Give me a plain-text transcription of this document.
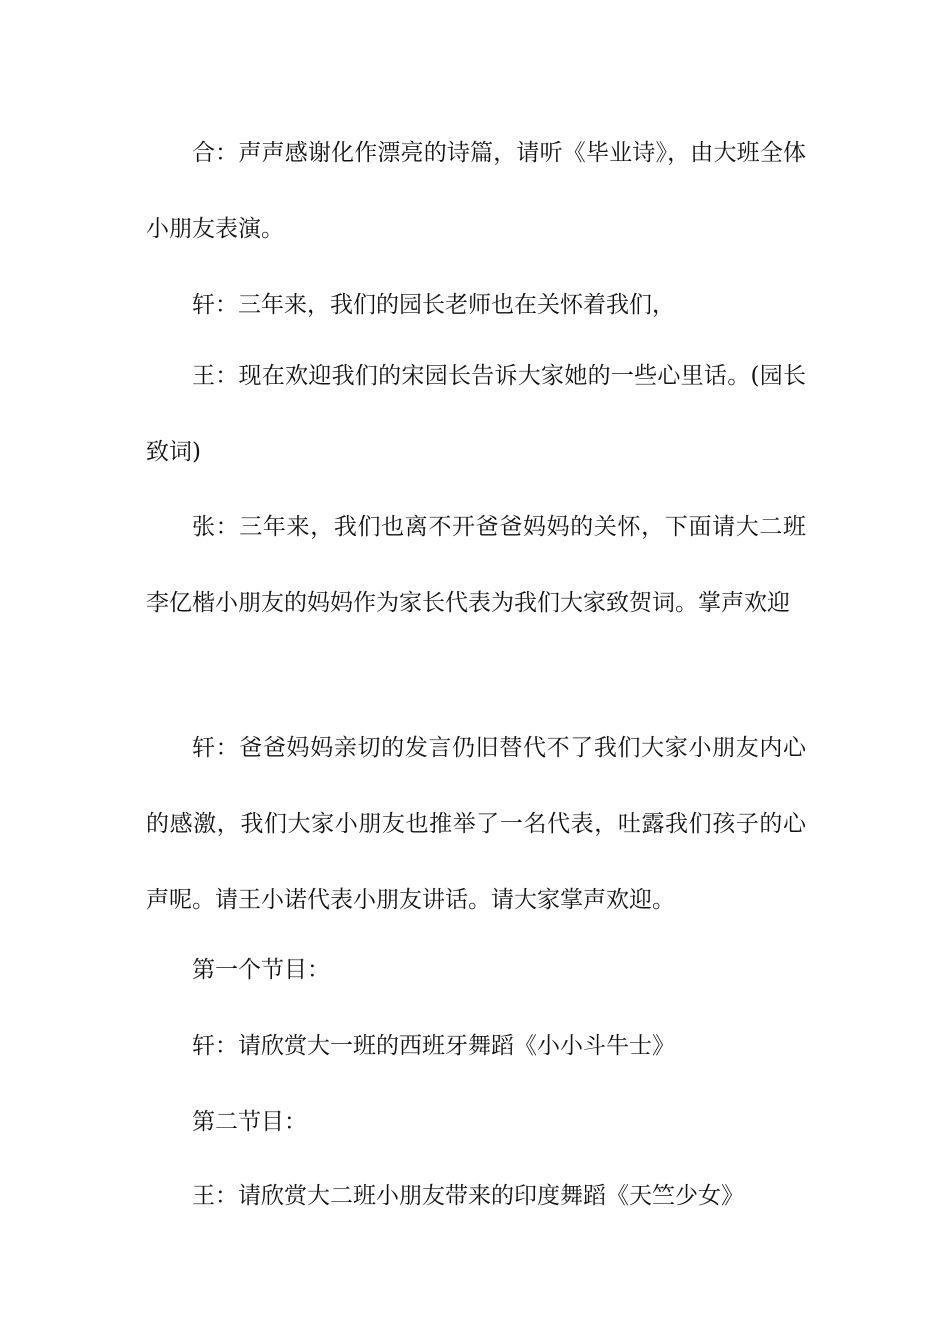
合：声声感谢化作漂亮的诗篇，请听《毕业诗》，由大班全体小朋友表演。

轩：三年来，我们的园长老师也在关怀着我们，

王：现在欢迎我们的宋园长告诉大家她的一些心里话。(园长致词)

张：三年来，我们也离不开爸爸妈妈的关怀，下面请大二班李亿楷小朋友的妈妈作为家长代表为我们大家致贺词。掌声欢迎

轩：爸爸妈妈亲切的发言仍旧替代不了我们大家小朋友内心的感激，我们大家小朋友也推举了一名代表，吐露我们孩子的心声呢。请王小诺代表小朋友讲话。请大家掌声欢迎。

第一个节目：

轩：请欣赏大一班的西班牙舞蹈《小小斗牛士》

第二节目：

王：请欣赏大二班小朋友带来的印度舞蹈《天竺少女》
